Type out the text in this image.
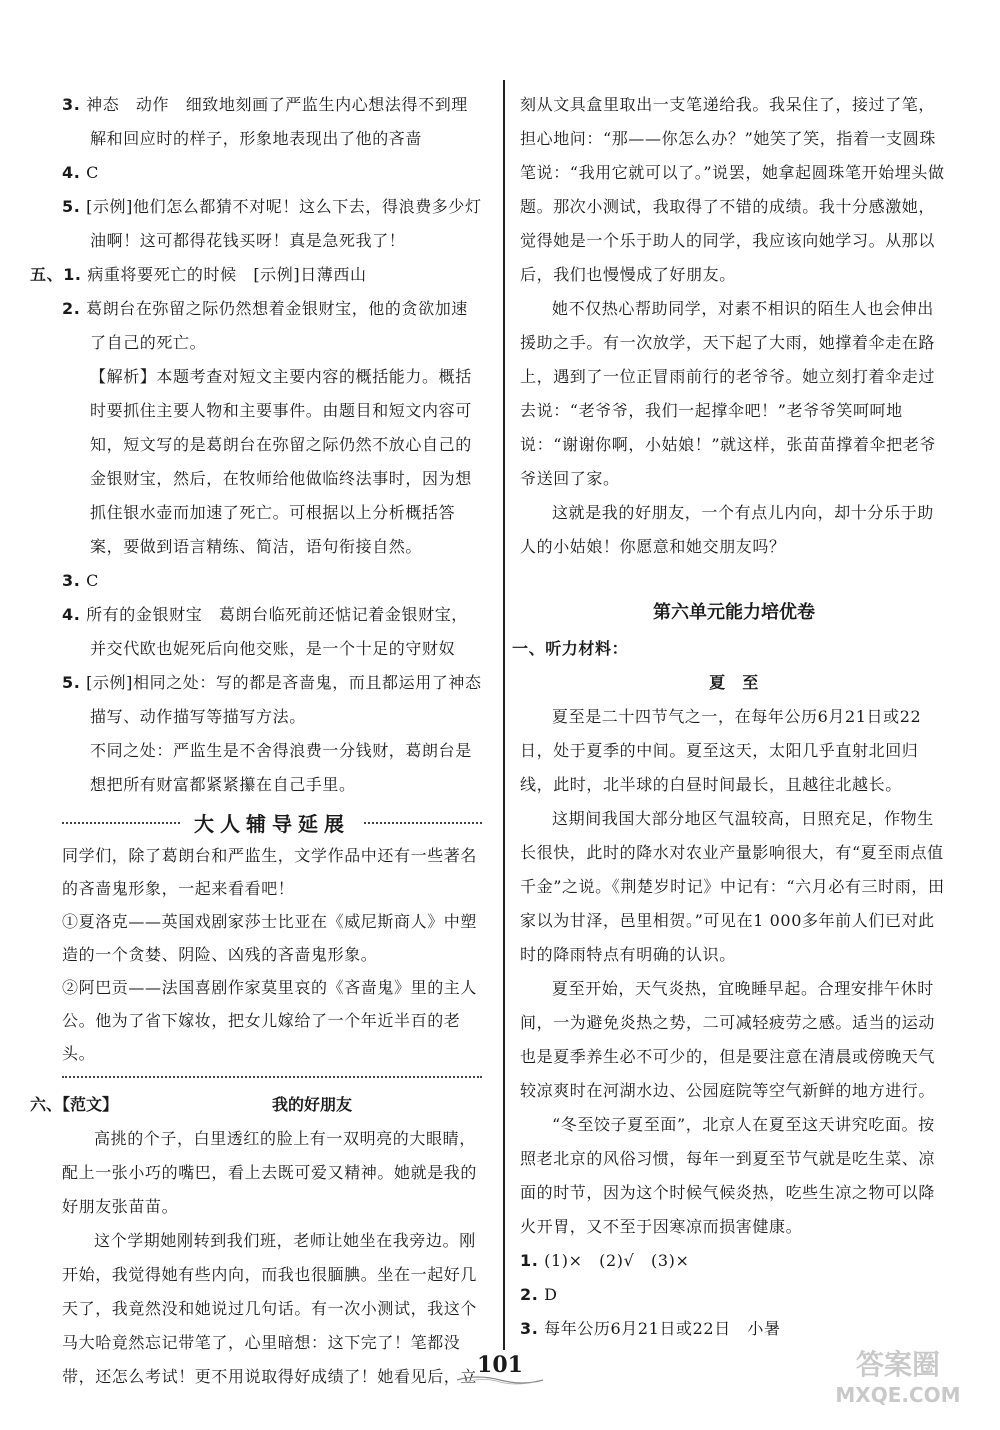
3. 神态　动作　细致地刻画了严监生内心想法得不到理解和回应时的样子，形象地表现出了他的吝啬

4. C

5. [示例]他们怎么都猜不对呢！这么下去，得浪费多少灯油啊！这可都得花钱买呀！真是急死我了！

五、1. 病重将要死亡的时候　[示例]日薄西山

2. 葛朗台在弥留之际仍然想着金银财宝，他的贪欲加速了自己的死亡。

【解析】本题考查对短文主要内容的概括能力。概括时要抓住主要人物和主要事件。由题目和短文内容可知，短文写的是葛朗台在弥留之际仍然不放心自己的金银财宝，然后，在牧师给他做临终法事时，因为想抓住银水壶而加速了死亡。可根据以上分析概括答案，要做到语言精练、简洁，语句衔接自然。

3. C

4. 所有的金银财宝　葛朗台临死前还惦记着金银财宝，并交代欧也妮死后向他交账，是一个十足的守财奴

5. [示例]相同之处：写的都是吝啬鬼，而且都运用了神态描写、动作描写等描写方法。

不同之处：严监生是不舍得浪费一分钱财，葛朗台是想把所有财富都紧紧攥在自己手里。

大人辅导延展

同学们，除了葛朗台和严监生，文学作品中还有一些著名的吝啬鬼形象，一起来看看吧！

①夏洛克——英国戏剧家莎士比亚在《威尼斯商人》中塑造的一个贪婪、阴险、凶残的吝啬鬼形象。

②阿巴贡——法国喜剧作家莫里哀的《吝啬鬼》里的主人公。他为了省下嫁妆，把女儿嫁给了一个年近半百的老头。

六、【范文】	我的好朋友

高挑的个子，白里透红的脸上有一双明亮的大眼睛，配上一张小巧的嘴巴，看上去既可爱又精神。她就是我的好朋友张苗苗。

这个学期她刚转到我们班，老师让她坐在我旁边。刚开始，我觉得她有些内向，而我也很腼腆。坐在一起好几天了，我竟然没和她说过几句话。有一次小测试，我这个马大哈竟然忘记带笔了，心里暗想：这下完了！笔都没带，还怎么考试！更不用说取得好成绩了！她看见后，立

刻从文具盒里取出一支笔递给我。我呆住了，接过了笔，担心地问：“那——你怎么办？”她笑了笑，指着一支圆珠笔说：“我用它就可以了。”说罢，她拿起圆珠笔开始埋头做题。那次小测试，我取得了不错的成绩。我十分感激她，觉得她是一个乐于助人的同学，我应该向她学习。从那以后，我们也慢慢成了好朋友。

她不仅热心帮助同学，对素不相识的陌生人也会伸出援助之手。有一次放学，天下起了大雨，她撑着伞走在路上，遇到了一位正冒雨前行的老爷爷。她立刻打着伞走过去说：“老爷爷，我们一起撑伞吧！”老爷爷笑呵呵地说：“谢谢你啊，小姑娘！”就这样，张苗苗撑着伞把老爷爷送回了家。

这就是我的好朋友，一个有点儿内向，却十分乐于助人的小姑娘！你愿意和她交朋友吗？

第六单元能力培优卷

一、听力材料：

夏　至

夏至是二十四节气之一，在每年公历6月21日或22日，处于夏季的中间。夏至这天，太阳几乎直射北回归线，此时，北半球的白昼时间最长，且越往北越长。

这期间我国大部分地区气温较高，日照充足，作物生长很快，此时的降水对农业产量影响很大，有“夏至雨点值千金”之说。《荆楚岁时记》中记有：“六月必有三时雨，田家以为甘泽，邑里相贺。”可见在1 000多年前人们已对此时的降雨特点有明确的认识。

夏至开始，天气炎热，宜晚睡早起。合理安排午休时间，一为避免炎热之势，二可减轻疲劳之感。适当的运动也是夏季养生必不可少的，但是要注意在清晨或傍晚天气较凉爽时在河湖水边、公园庭院等空气新鲜的地方进行。

“冬至饺子夏至面”，北京人在夏至这天讲究吃面。按照老北京的风俗习惯，每年一到夏至节气就是吃生菜、凉面的时节，因为这个时候气候炎热，吃些生凉之物可以降火开胃，又不至于因寒凉而损害健康。

1. (1)×　(2)√　(3)×

2. D

3. 每年公历6月21日或22日　小暑

101	答案圈
MXQE.COM
